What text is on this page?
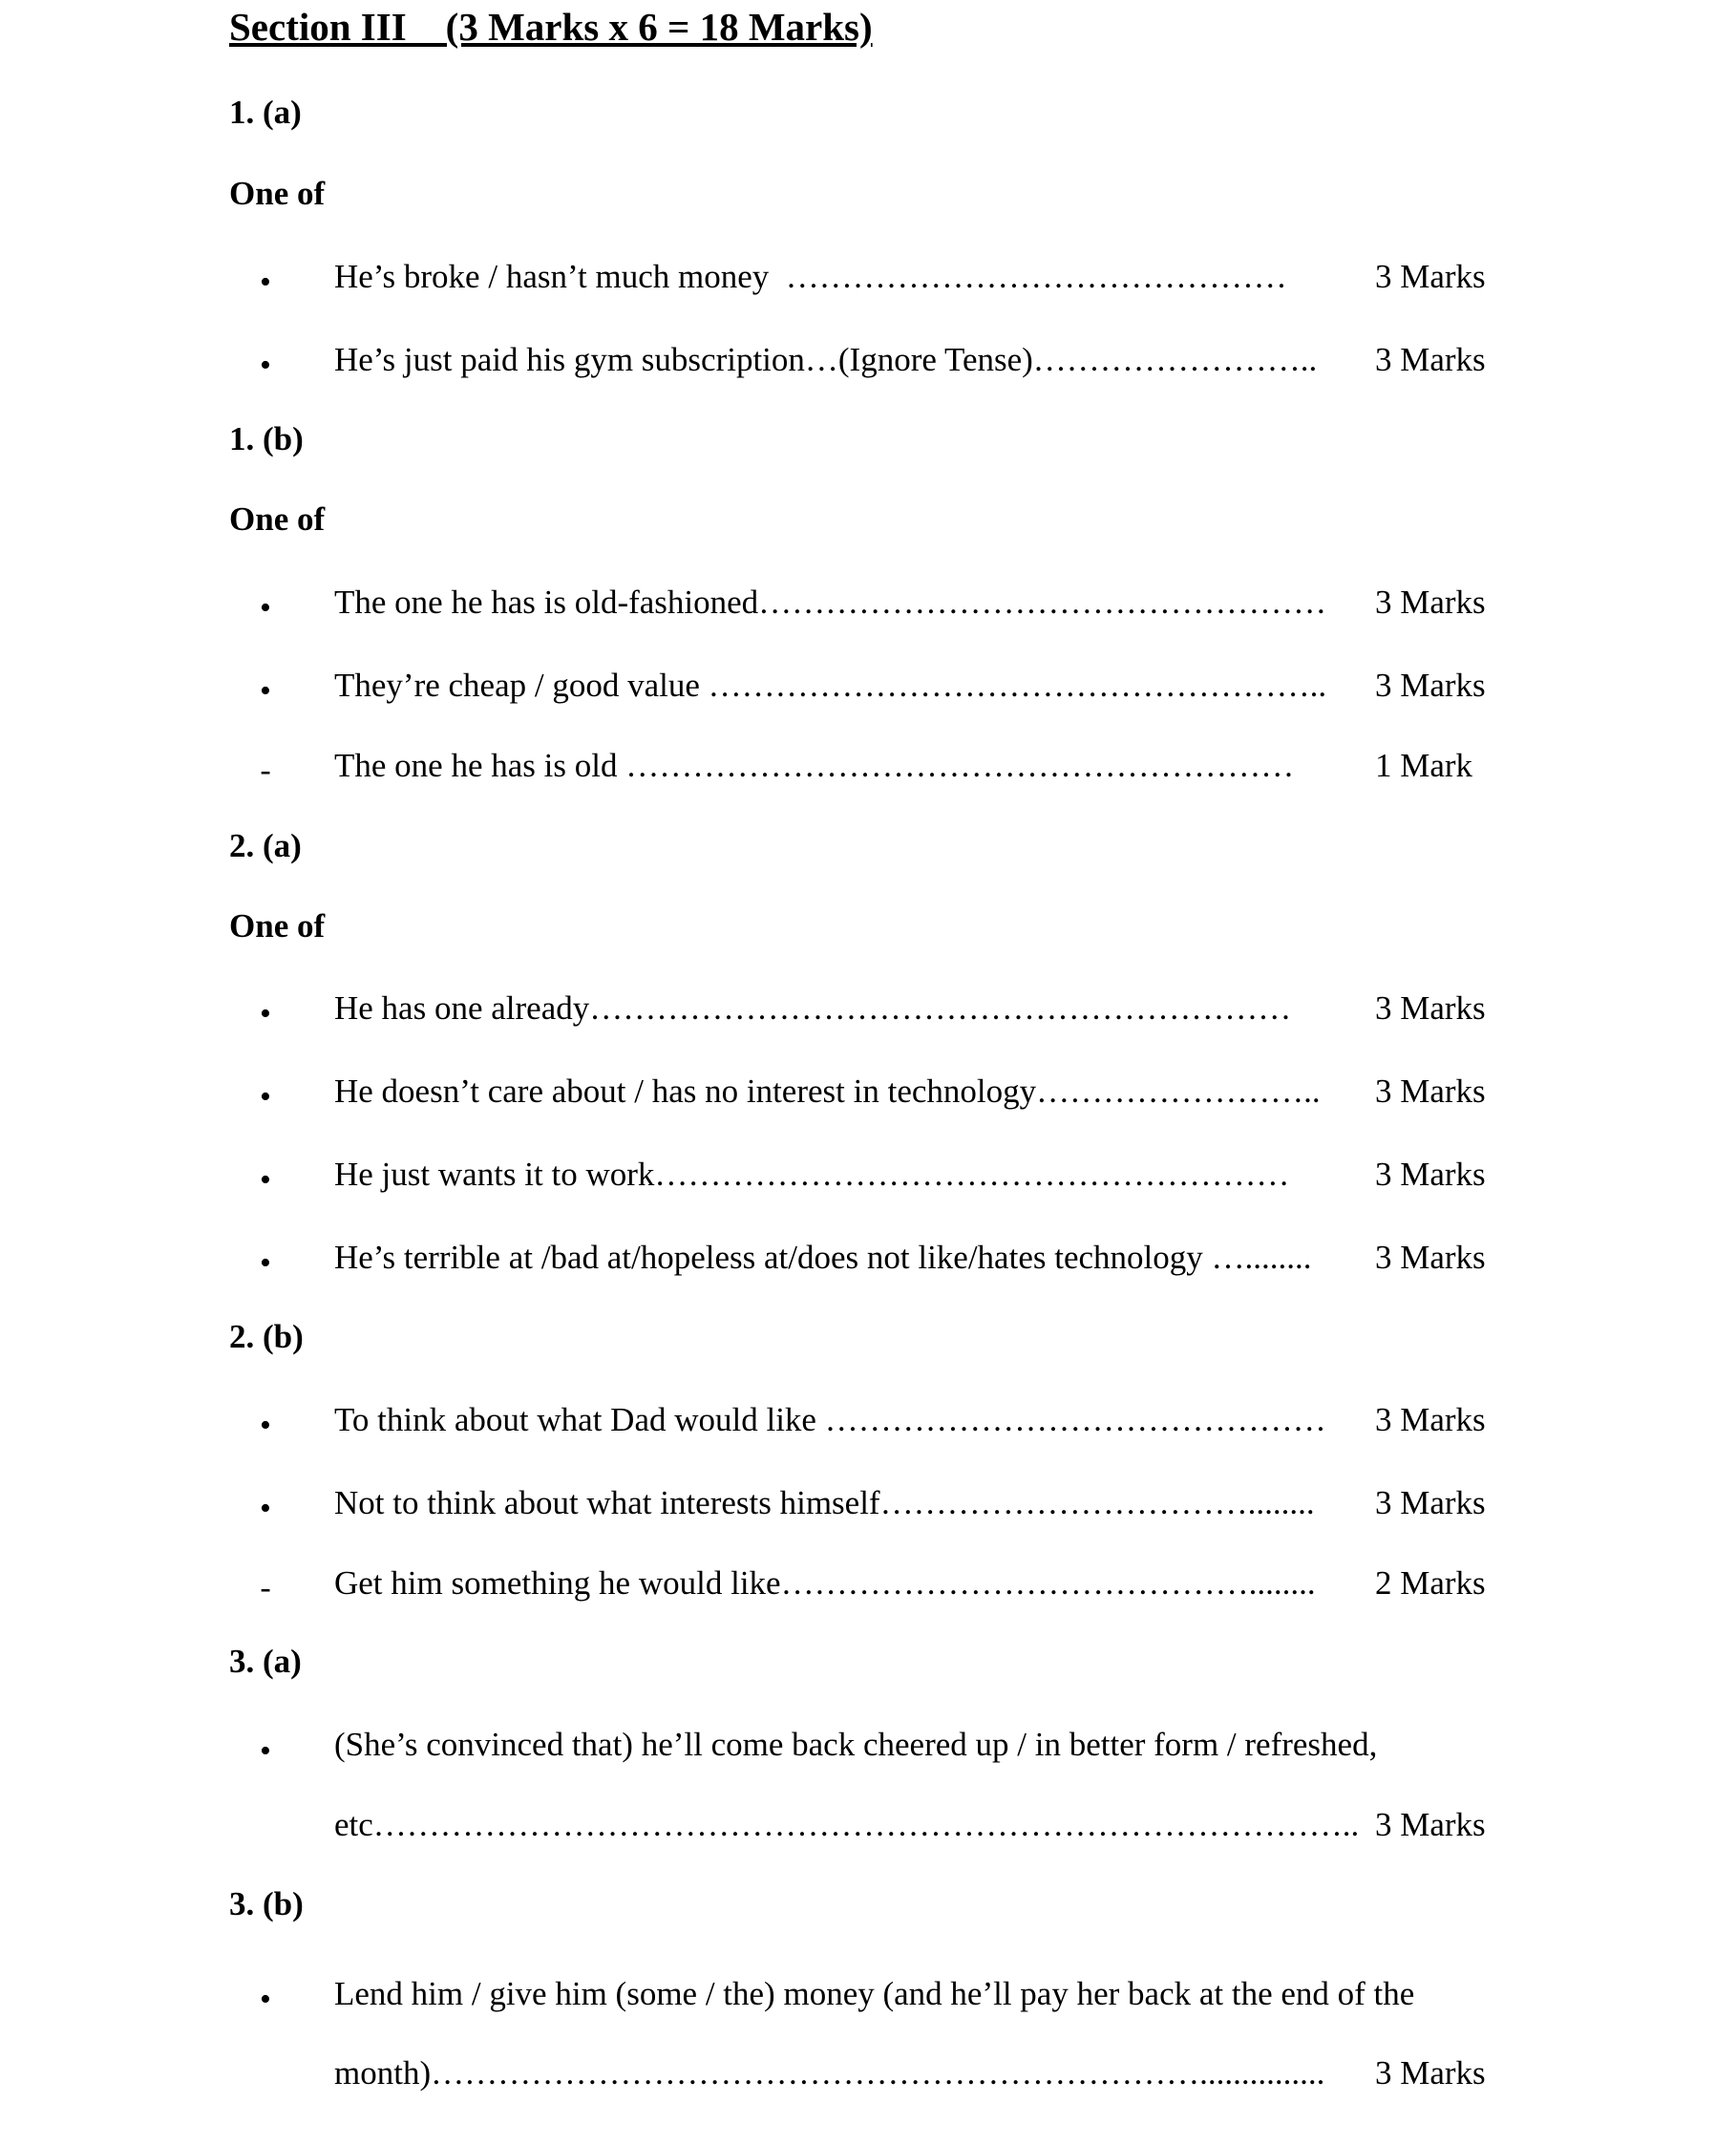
Section III    (3 Marks x 6 = 18 Marks)
1. (a)
One of
• He’s broke / hasn’t much money  ………………………………………	3 Marks
• He’s just paid his gym subscription…(Ignore Tense)……………………..	3 Marks
1. (b)
One of
• The one he has is old-fashioned……………………………………………	3 Marks
• They’re cheap / good value ………………………………………………..	3 Marks
- The one he has is old ……………………………………………………	1 Mark
2. (a)
One of
• He has one already………………………………………………………	3 Marks
• He doesn’t care about / has no interest in technology……………………..	3 Marks
• He just wants it to work…………………………………………………	3 Marks
• He’s terrible at /bad at/hopeless at/does not like/hates technology …........	3 Marks
2. (b)
• To think about what Dad would like ………………………………………	3 Marks
• Not to think about what interests himself……………………………........	3 Marks
- Get him something he would like……………………………………........	2 Marks
3. (a)
• (She’s convinced that) he’ll come back cheered up / in better form / refreshed,
etc…………………………………………………………………………….. 3 Marks
3. (b)
• Lend him / give him (some / the) money (and he’ll pay her back at the end of the
month)……………………………………………………………...............	3 Marks
